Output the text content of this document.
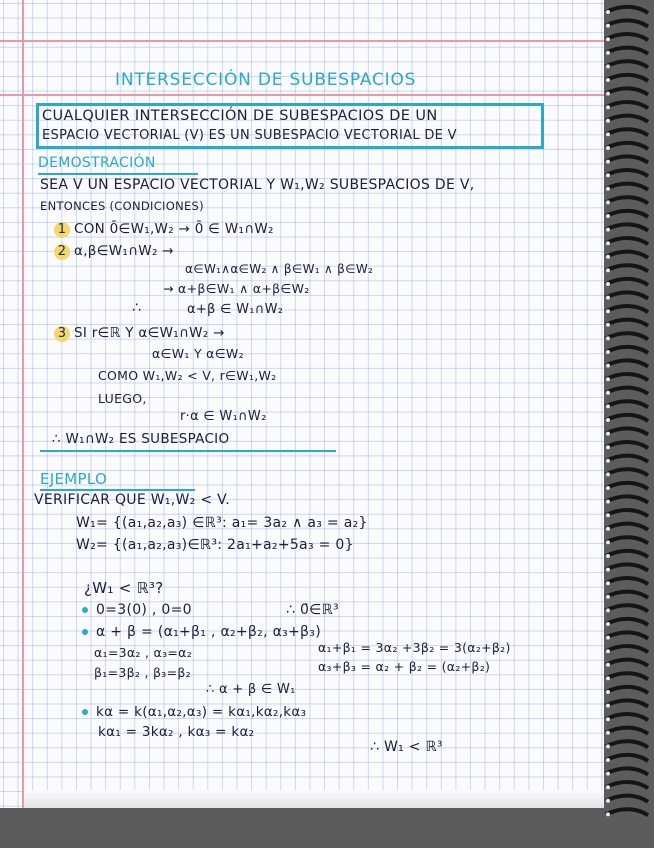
INTERSECCIÓN DE SUBESPACIOS
CUALQUIER INTERSECCIÓN DE SUBESPACIOS DE UN
ESPACIO VECTORIAL (V) ES UN SUBESPACIO VECTORIAL DE V
DEMOSTRACIÓN
SEA V UN ESPACIO VECTORIAL Y W₁,W₂ SUBESPACIOS DE V,
ENTONCES (CONDICIONES)
1 CON 0̄∈W₁,W₂ → 0̄ ∈ W₁∩W₂
2 α,β∈W₁∩W₂ →
α∈W₁∧α∈W₂ ∧ β∈W₁ ∧ β∈W₂
→ α+β∈W₁ ∧ α+β∈W₂
∴	α+β ∈ W₁∩W₂
3 SI r∈ℝ Y α∈W₁∩W₂ →
α∈W₁ Y α∈W₂
COMO W₁,W₂ < V, r∈W₁,W₂
LUEGO,
r·α ∈ W₁∩W₂
∴ W₁∩W₂ ES SUBESPACIO
EJEMPLO
VERIFICAR QUE W₁,W₂ < V.
W₁= {(a₁,a₂,a₃) ∈ℝ³: a₁= 3a₂ ∧ a₃ = a₂}
W₂= {(a₁,a₂,a₃)∈ℝ³: 2a₁+a₂+5a₃ = 0}
¿W₁ < ℝ³?
0=3(0) , 0=0	∴ 0̄∈ℝ³
α + β = (α₁+β₁ , α₂+β₂, α₃+β₃)
α₁=3α₂ , α₃=α₂
β₁=3β₂ , β₃=β₂
α₁+β₁ = 3α₂ +3β₂ = 3(α₂+β₂)
α₃+β₃ = α₂ + β₂ = (α₂+β₂)
∴ α + β ∈ W₁
kα = k(α₁,α₂,α₃) = kα₁,kα₂,kα₃
kα₁ = 3kα₂ , kα₃ = kα₂
∴ W₁ < ℝ³
